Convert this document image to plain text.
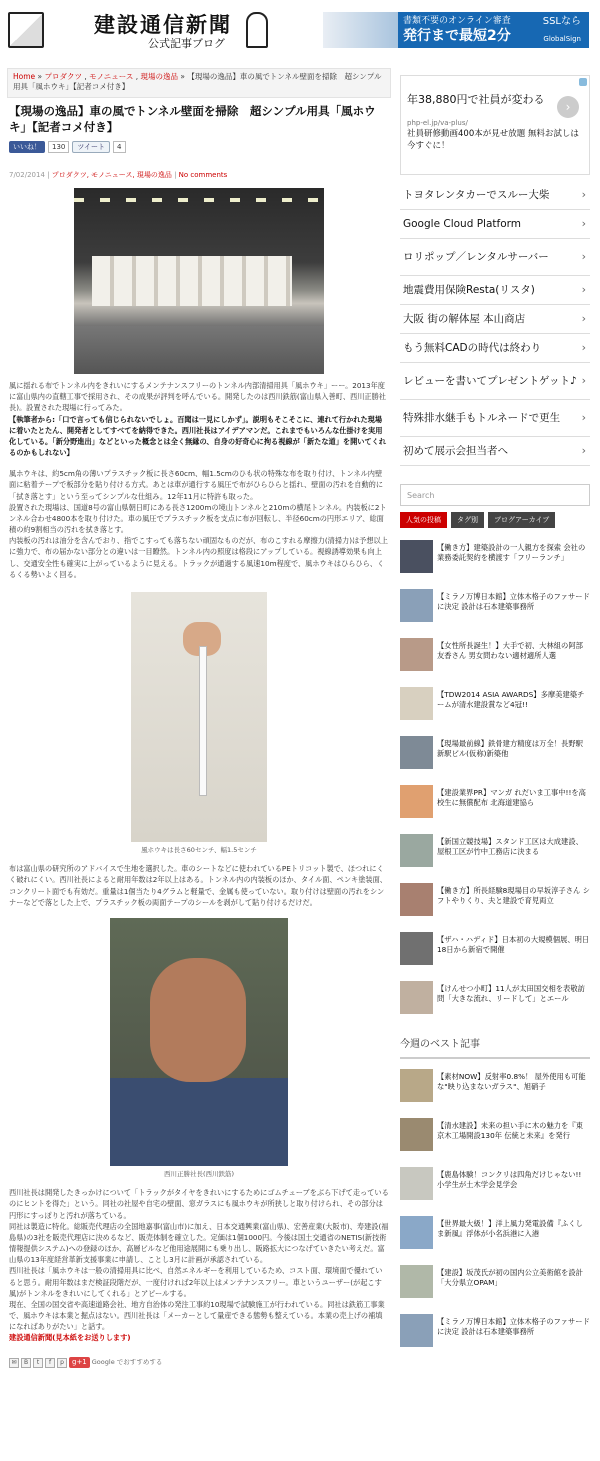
建設通信新聞
公式記事ブログ
書類不要のオンライン審査
発行まで最短2分
SSLなら
GlobalSign
Home » プロダクツ , モノニュース , 現場の逸品 » 【現場の逸品】車の風でトンネル壁面を掃除　超シンプル用具「風ホウキ」【記者コメ付き】
【現場の逸品】車の風でトンネル壁面を掃除　超シンプル用具「風ホウキ」【記者コメ付き】
いいね！	130	ツイート	4
7/02/2014 | プロダクツ, モノニュース, 現場の逸品 | No comments

風に揺れる布でトンネル内をきれいにするメンテナンスフリーのトンネル内部清掃用具「風ホウキ」ーー。2013年度に富山県内の直轄工事で採用され、その成果が評判を呼んでいる。開発したのは西川鉄筋(富山県入善町、西川正勝社長)。設置された現場に行ってみた。

【執筆者から:「口で言っても信じられないでしょ。百聞は一見にしかず」。説明もそこそこに、連れて行かれた現場に着いたとたん、開発者としてすべてを納得できた。西川社長はアイデアマンだ。これまでもいろんな仕掛けを実用化している。「新分野進出」などといった概念とは全く無縁の、自身の好奇心に拘る視線が「新たな道」を開いてくれるのかもしれない】

風ホウキは、約5cm角の薄いプラスチック板に長さ60cm、幅1.5cmのひも状の特殊な布を取り付け、トンネル内壁面に粘着テープで板部分を貼り付ける方式。あとは車が通行する風圧で布がひらひらと揺れ、壁面の汚れを自動的に「拭き落とす」という至ってシンプルな仕組み。12年11月に特許も取った。

設置された現場は、国道8号の富山県朝日町にある長さ1200mの境山トンネルと210mの横尾トンネル。内装板に2トンネル合わせ4800本を取り付けた。車の風圧でプラスチック板を支点に布が回転し、半径60cmの円形エリア、総面積の約9割相当の汚れを拭き落とす。

内装板の汚れは油分を含んでおり、指でこすっても落ちない頑固なものだが、布のこすれる摩擦力(清掃力)は予想以上に強力で、布の届かない部分との違いは一目瞭然。トンネル内の照度は格段にアップしている。視線誘導効果も向上し、交通安全性も確実に上がっているように見える。トラックが通過する風速10m程度で、風ホウキはひらひら、くるくる勢いよく回る。

風ホウキは長さ60センチ、幅1.5センチ

布は富山県の研究所のアドバイスで生地を選択した。車のシートなどに使われているPEトリコット製で、ほつれにくく破れにくい。西川社長によると耐用年数は2年以上はある。トンネル内の内装板のほか、タイル面、ペンキ塗装面、コンクリート面でも有効だ。重量は1個当たり4グラムと軽量で、金属も使っていない。取り付けは壁面の汚れをシンナーなどで落とした上で、プラスチック板の両面テープのシールを剥がして貼り付けるだけだ。

西川正勝社長(西川鉄筋)

西川社長は開発したきっかけについて「トラックがタイヤをきれいにするためにゴムチューブをぶら下げて走っているのにヒントを得た」という。同社の社屋や自宅の壁面、窓ガラスにも風ホウキが所狭しと取り付けられ、その部分は円形にすっぽりと汚れが落ちている。

同社は製造に特化。総販売代理店の全国地嘉事(富山市)に加え、日本交通興業(富山県)、宏善産業(大阪市)、寿建設(福島県)の3社を販売代理店に決めるなど、販売体制を確立した。定価は1個1000円。今後は国土交通省のNETIS(新技術情報提供システム)への登録のほか、高層ビルなど他用途展開にも乗り出し、販路拡大につなげていきたい考えだ。富山県の13年度経営革新支援事業に申請し、ことし3月に計画が承認されている。

西川社長は「風ホウキは一般の清掃用具に比べ、自然エネルギーを利用しているため、コスト面、環境面で優れていると思う。耐用年数はまだ検証段階だが、一度付ければ2年以上はメンテナンスフリー。車というユーザー(が起こす風)がトンネルをきれいにしてくれる」とアピールする。

現在、全国の国交省や高速道路会社、地方自治体の発注工事約10現場で試験施工が行われている。同社は鉄筋工事業で、風ホウキは本業と掘点はない。西川社長は「メーカーとして量産できる態勢も整えている。本業の売上げの補填になればありがたい」と話す。

建設通信新聞(見本紙をお送りします)

✉	B	t	f	p	g+1 Google でおすすめする
年38,880円で社員が変わる
php-el.jp/va-plus/
社員研修動画400本が見せ放題 無料お試しは今すぐに！
›
トヨタレンタカーでスルー大柴	›
Google Cloud Platform	›
ロリポップ／レンタルサーバー	›
地震費用保険Resta(リスタ)	›
大阪 街の解体屋 本山商店	›
もう無料CADの時代は終わり	›
レビューを書いてプレゼントゲット♪ ›
特殊排水継手もトルネードで更生 ›
初めて展示会担当者へ	›
Search
人気の投稿	タグ別	ブログアーカイブ
【働き方】建築設計の一人親方を探索 会社の業務委託契約を横渡す「フリーランチ」
【ミラノ万博日本館】立体木格子のファサードに決定 設計は石本建築事務所
【女性所長誕生！】大手で初、大林組の阿部友香さん 男女問わない適材適所人選
【TDW2014 ASIA AWARDS】多摩美建築チームが清水建設賞など4冠!!
【現場最前線】鉄骨建方精度は万全！長野駅新駅ビル(仮称)新築他
【建設業界PR】マンガ れだいま工事中!!を高校生に無償配布 北海道建協ら
【新国立競技場】スタンド工区は大成建設、屋根工区が竹中工務店に決まる
【働き方】所長経験8現場目の早坂淳子さん シフトやりくり、夫と建設で育児両立
【ザハ・ハディド】日本初の大規模個展、明日18日から新宿で開催
【けんせつ小町】11人が太田国交相を表敬訪問「大きな流れ、リードして」とエール
今週のベスト記事
【素材NOW】反射率0.8%！ 屋外使用も可能な"映り込まないガラス"、旭硝子
【清水建設】未来の担い手に木の魅力を『東京木工場開設130年 伝統と未来』を発行
【鹿島体験！コンクリは四角だけじゃない!! 小学生が土木学会見学会
【世界最大級！】洋上風力発電設備『ふくしま新風』浮体が小名浜港に入港
【建設】坂茂氏が初の国内公立美術館を設計「大分県立OPAM」
【ミラノ万博日本館】立体木格子のファサードに決定 設計は石本建築事務所
